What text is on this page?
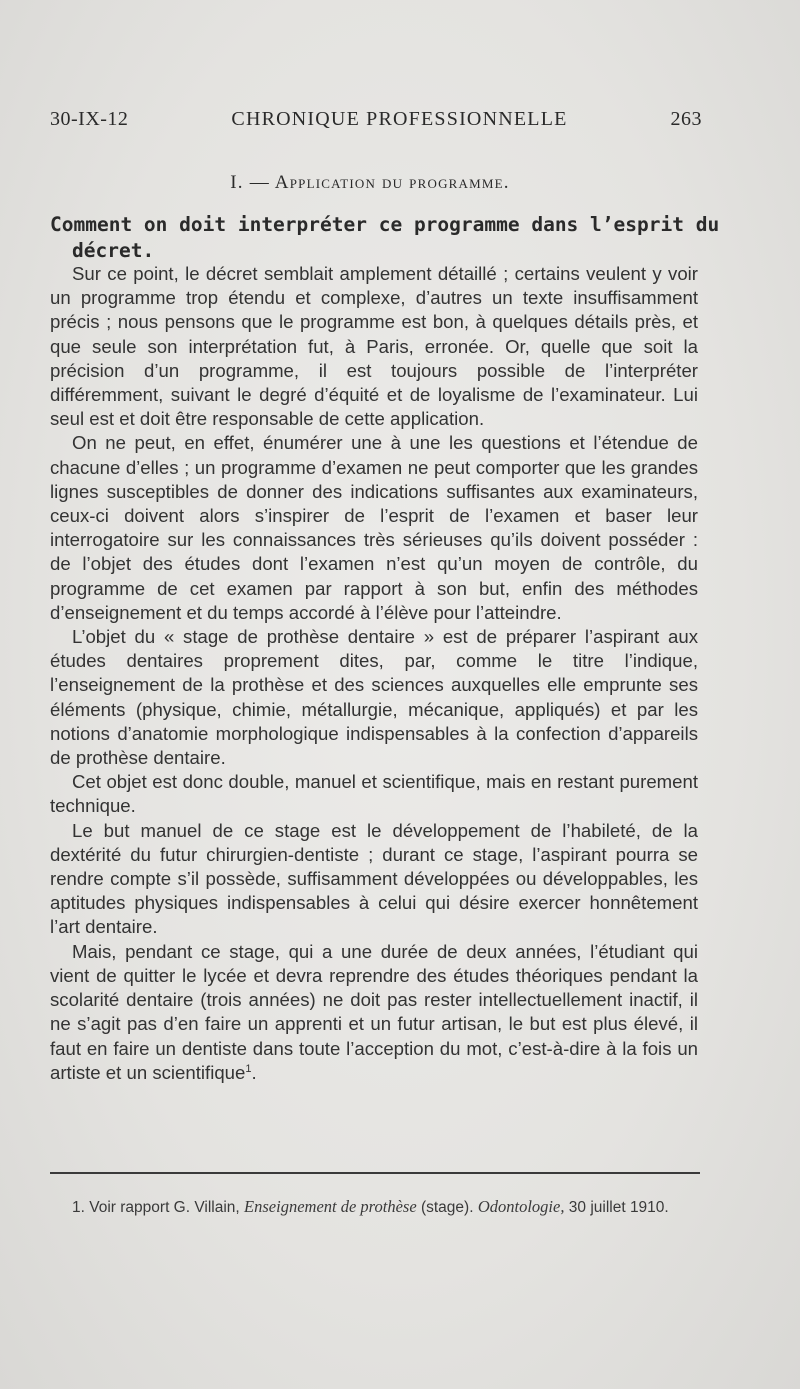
30-IX-12	CHRONIQUE PROFESSIONNELLE	263
I. — Application du programme.
Comment on doit interpréter ce programme dans l’esprit du décret.

Sur ce point, le décret semblait amplement détaillé ; certains veulent y voir un programme trop étendu et complexe, d’autres un texte insuffisamment précis ; nous pensons que le programme est bon, à quelques détails près, et que seule son interprétation fut, à Paris, erronée. Or, quelle que soit la précision d’un programme, il est toujours possible de l’interpréter différemment, suivant le degré d’équité et de loyalisme de l’examinateur. Lui seul est et doit être responsable de cette application.

On ne peut, en effet, énumérer une à une les questions et l’étendue de chacune d’elles ; un programme d’examen ne peut comporter que les grandes lignes susceptibles de donner des indications suffisantes aux examinateurs, ceux-ci doivent alors s’inspirer de l’esprit de l’examen et baser leur interrogatoire sur les connaissances très sérieuses qu’ils doivent posséder : de l’objet des études dont l’examen n’est qu’un moyen de contrôle, du programme de cet examen par rapport à son but, enfin des méthodes d’enseignement et du temps accordé à l’élève pour l’atteindre.

L’objet du « stage de prothèse dentaire » est de préparer l’aspirant aux études dentaires proprement dites, par, comme le titre l’indique, l’enseignement de la prothèse et des sciences auxquelles elle emprunte ses éléments (physique, chimie, métallurgie, mécanique, appliqués) et par les notions d’anatomie morphologique indispensables à la confection d’appareils de prothèse dentaire.

Cet objet est donc double, manuel et scientifique, mais en restant purement technique.

Le but manuel de ce stage est le développement de l’habileté, de la dextérité du futur chirurgien-dentiste ; durant ce stage, l’aspirant pourra se rendre compte s’il possède, suffisamment développées ou développables, les aptitudes physiques indispensables à celui qui désire exercer honnêtement l’art dentaire.

Mais, pendant ce stage, qui a une durée de deux années, l’étudiant qui vient de quitter le lycée et devra reprendre des études théoriques pendant la scolarité dentaire (trois années) ne doit pas rester intellectuellement inactif, il ne s’agit pas d’en faire un apprenti et un futur artisan, le but est plus élevé, il faut en faire un dentiste dans toute l’acception du mot, c’est-à-dire à la fois un artiste et un scientifique$^1$.

1. Voir rapport G. Villain, Enseignement de prothèse (stage). Odontologie, 30 juillet 1910.
